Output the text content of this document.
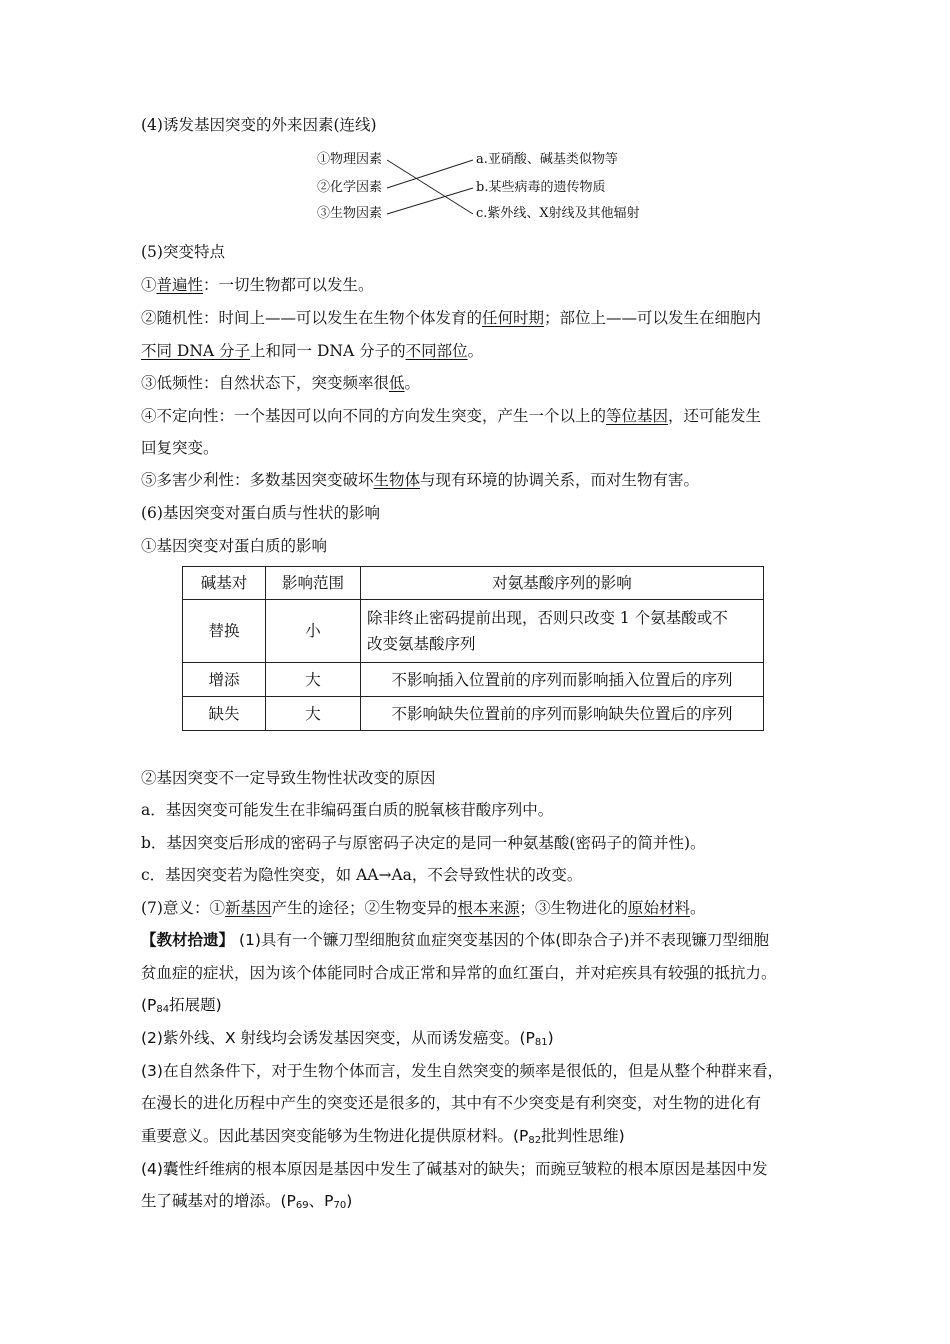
(4)诱发基因突变的外来因素(连线)
①物理因素
②化学因素
③生物因素
a.亚硝酸、碱基类似物等
b.某些病毒的遗传物质
c.紫外线、X射线及其他辐射
(5)突变特点
①普遍性：一切生物都可以发生。
②随机性：时间上——可以发生在生物个体发育的任何时期；部位上——可以发生在细胞内
不同 DNA 分子上和同一 DNA 分子的不同部位。
③低频性：自然状态下，突变频率很低。
④不定向性：一个基因可以向不同的方向发生突变，产生一个以上的等位基因，还可能发生
回复突变。
⑤多害少利性：多数基因突变破坏生物体与现有环境的协调关系，而对生物有害。
(6)基因突变对蛋白质与性状的影响
①基因突变对蛋白质的影响
碱基对	影响范围	对氨基酸序列的影响
替换	小	除非终止密码提前出现，否则只改变 1 个氨基酸或不
改变氨基酸序列

增添	大	不影响插入位置前的序列而影响插入位置后的序列
缺失	大	不影响缺失位置前的序列而影响缺失位置后的序列
②基因突变不一定导致生物性状改变的原因
a．基因突变可能发生在非编码蛋白质的脱氧核苷酸序列中。
b．基因突变后形成的密码子与原密码子决定的是同一种氨基酸(密码子的简并性)。
c．基因突变若为隐性突变，如 AA→Aa，不会导致性状的改变。
(7)意义：①新基因产生的途径；②生物变异的根本来源；③生物进化的原始材料。
【教材拾遗】 (1)具有一个镰刀型细胞贫血症突变基因的个体(即杂合子)并不表现镰刀型细胞
贫血症的症状，因为该个体能同时合成正常和异常的血红蛋白，并对疟疾具有较强的抵抗力。
($P_{84}$拓展题)
(2)紫外线、X 射线均会诱发基因突变，从而诱发癌变。$(P_{81})$
(3)在自然条件下，对于生物个体而言，发生自然突变的频率是很低的，但是从整个种群来看，
在漫长的进化历程中产生的突变还是很多的，其中有不少突变是有利突变，对生物的进化有
重要意义。因此基因突变能够为生物进化提供原材料。($P_{82}$批判性思维)
(4)囊性纤维病的根本原因是基因中发生了碱基对的缺失；而豌豆皱粒的根本原因是基因中发
生了碱基对的增添。($P_{69}$、$P_{70}$)
